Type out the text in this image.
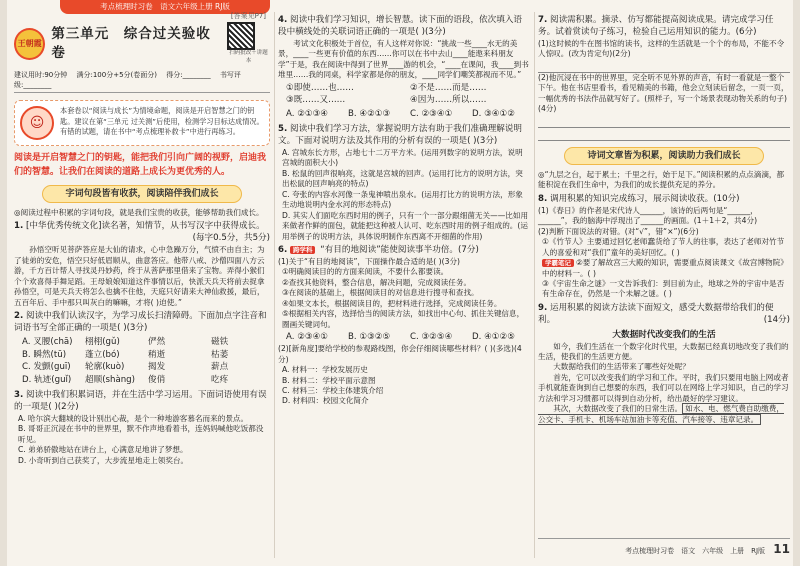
考点梳理时习卷　语文六年级上册 RJ版
[答案见P7]
王朝霞
第三单元　综合过关验收卷	扫码批改＋讲题本
建议用时:90分钟　 满分:100分+5分(卷面分)　 得分:________　 书写评级:________
☺

本套卷以“阅读与成长”为情境命题，阅读是开启智慧之门的钥匙。建议在第“三单元 过关测”后使用，检测学习目标达成情况。有错的试题，请在书中“考点梳理补救卡”中进行再练习。

阅读是开启智慧之门的钥匙，能把我们引向广阔的视野，启迪我们的智慧。让我们在阅读的道路上成长为更优秀的人。
字词句段皆有收获，阅读陪伴我们成长
◎阅读过程中积累的字词句段，就是我们宝贵的收获，能够帮助我们成长。
1. [中华优秀传统文化]读名著，知情节，从书写汉字中获得成长。
(每字0.5分，共5分)
孙悟空听见菩萨答应是大仙的请求，心中急躁万分，气愤不由自主；为了徒弟的安危，悟空只好低眉顺从，曲意答应。他带八戒、沙僧四面八方云游，千方百计帮人寻找灵丹妙药，终于从菩萨那里借来了宝物。弄得小猴们个个欢喜得手舞足蹈。王母娘娘知道这件事情以后，快派天兵天将前去捉拿孙悟空，可是天兵天将怎么也擒不住他，天庭只好请来大神仙救援，最后，五百年后、手中那只叫灰白的嘛嘛，才将( )迫使。”
2. 阅读中我们认读汉字，为学习成长扫清障碍。下面加点字注音和词语书写全部正确的一项是( )(3分)
A. 叉腰(chā)	栩栩(gǔ)	俨然	磁铁
B. 瞬然(tū)	蓬立(bó)	稍逝	枯萎
C. 发颤(guī)	轮廓(kuò)	揭发	薪点
D. 轨迹(guǐ)	超顺(shàng)	俊俏	吃疼
3. 阅读中我们积累词语，并在生活中学习运用。下面词语使用有误的一项是( )(2分)
A. 哈尔滨大翻城的设计别出心裁，是个一种地游客慕名而来的景点。
B. 哥哥正沉浸在书中的世界里，默不作声地看着书，连妈妈喊他吃饭都没听见。
C. 弟弟骄傲地站在讲台上，心满意足地讲了梦想。
D. 小奇听到自己获奖了，大步流星地走上领奖台。
4. 阅读中我们学习知识，增长智慧。读下面的语段，依次填入语段中横线处的关联词语正确的一项是( )(3分)
考试文化积极处于首位，有人这样对你说：“挑战一些____水无的美景，____一些更有价值的东西……你可以在书中去山____能遨来科朋友学”于是，我在阅读中得到了世界____游的机会，“____在课间，我____到书堆里……我的同桌，科学家都是你的朋友，____同学们嘲笑都视而不见。”
①即使……也……	②不是……而是……
③既……又……	④因为……所以……
A. ②①③④	B. ④②①③	C. ②③④①	D. ③④①②
5. 阅读中我们学习方法，掌握说明方法有助于我们准确理解说明文。下面对说明方法及其作用的分析有误的一项是( )(3分)
A. 宫城东长方形，占地七十二万平方米。(运用列数字的说明方法，说明宫城的面积大小)
B. 松鼠的回声很响亮，这就是宫城的回声。(运用打比方的说明方法，突出松鼠的回声响亮的特点)
C. 夸张的内容水河像一条鬼神喷出泉水。(运用打比方的说明方法，形象生动地说明内金水河的形态特点)
D. 其实人们面吃东西时用的例子，只有一个一部分跟细菌无关——比如用来做者作鲜的面包，就能把这种被人认可、吃东西时用的例子组成的。(运用举例子的说明方法，具体说明制作东西离不开细菌的作用)
6. 跨学科 “有目的地阅读”能使阅读事半功倍。(7分)
(1)关于“有目的地阅读”，下面操作最合适的是( )(3分)
①明确阅读目的的方面来阅读，不要什么都要读。
②查找其他资料，整合信息，解决问题，完成阅读任务。
③在阅读的基础上，根据阅读目的对信息进行搜寻和查找。
④如果文本长，根据阅读目的，把材料进行选择，完成阅读任务。
⑤根据相关内容，选择恰当的阅读方法，如找出中心句、抓住关键信息，圈画关键词句。
A. ②③④①	B. ①③②⑤	C. ③②⑤④	D. ④①②⑤
(2)[新角度]要给学校的参观路线图，你会仔细阅读哪些材料？( )(多选)(4分)
A. 材料一：学校发展历史
B. 材料二：学校平面示意图
C. 材料三：学校主体建筑介绍
D. 材料四：校园文化简介
7. 阅读需积累。摘录、仿写都能提高阅读成果。请完成学习任务。试着赏读句子练习，检验自己运用知识的能力。(6分)
(1)这时候的牛在图书馆的读书，这样的生活就是一个个的布局，不能不令人惊叹。(改为肯定句)(2分)
(2)他沉浸在书中的世界里，完全听不见外界的声音，有时一看就是一整个下午。他在书店里看书，看见精美的书籍，他会立刻读后留念，一页一页，一幅优秀的书法作品就写好了。(照样子，写一个场景表现动物关系的句子)(4分)
诗词文章皆为积累，阅读助力我们成长
◎“九层之台，起于累土；千里之行，始于足下。”阅读积累的点点滴滴，都能积淀在我们生命中，为我们的成长提供充足的养分。
8. 调用积累的知识完成练习，展示阅读收获。(10分)
(1)《春日》的作者是宋代诗人______，该诗的后两句是“______，______”，我的脑海中浮现出了______的画面。(1＋1＋2，共4分)
(2)判断下面说法的对错。(对“√”，错“×”)(6分)
①《竹节人》主要通过回忆老师蠢货给了节人的往事，表达了老师对竹节人的喜爱和对“我们”童年的美好回忆。( )
学霸笔记 ②要了解故宫三大殿的知识，需要重点阅读课文《故宫博物院》中的材料一。( )
③《宇宙生命之谜》一文告诉我们：到目前为止，地球之外的宇宙中是否有生命存在，仍然是一个未解之谜。( )
9. 运用积累的阅读方法读下面短文，感受大数据带给我们的便利。	(14分)
大数据时代改变我们的生活
如今，我们生活在一个数字化时代里，大数据已经真切地改变了我们的生活，使我们的生活更方便。
大数据给我们的生活带来了哪些好处呢？
首先，它可以改变我们的学习和工作。平时，我们只要用电脑上网或者手机就能查询到自己想要的东西，我们可以在网络上学习知识，自己的学习方法和学习习惯都可以得到自动分析，给出最好的学习建议。
其次，大数据改变了我们的日常生活。 如水、电、燃气费自助缴费，公交卡、手机卡、机场车站加油卡等充值、汽车接等、违章记录。
考点梳理时习卷　语文　六年级　上册　RJ版 11
